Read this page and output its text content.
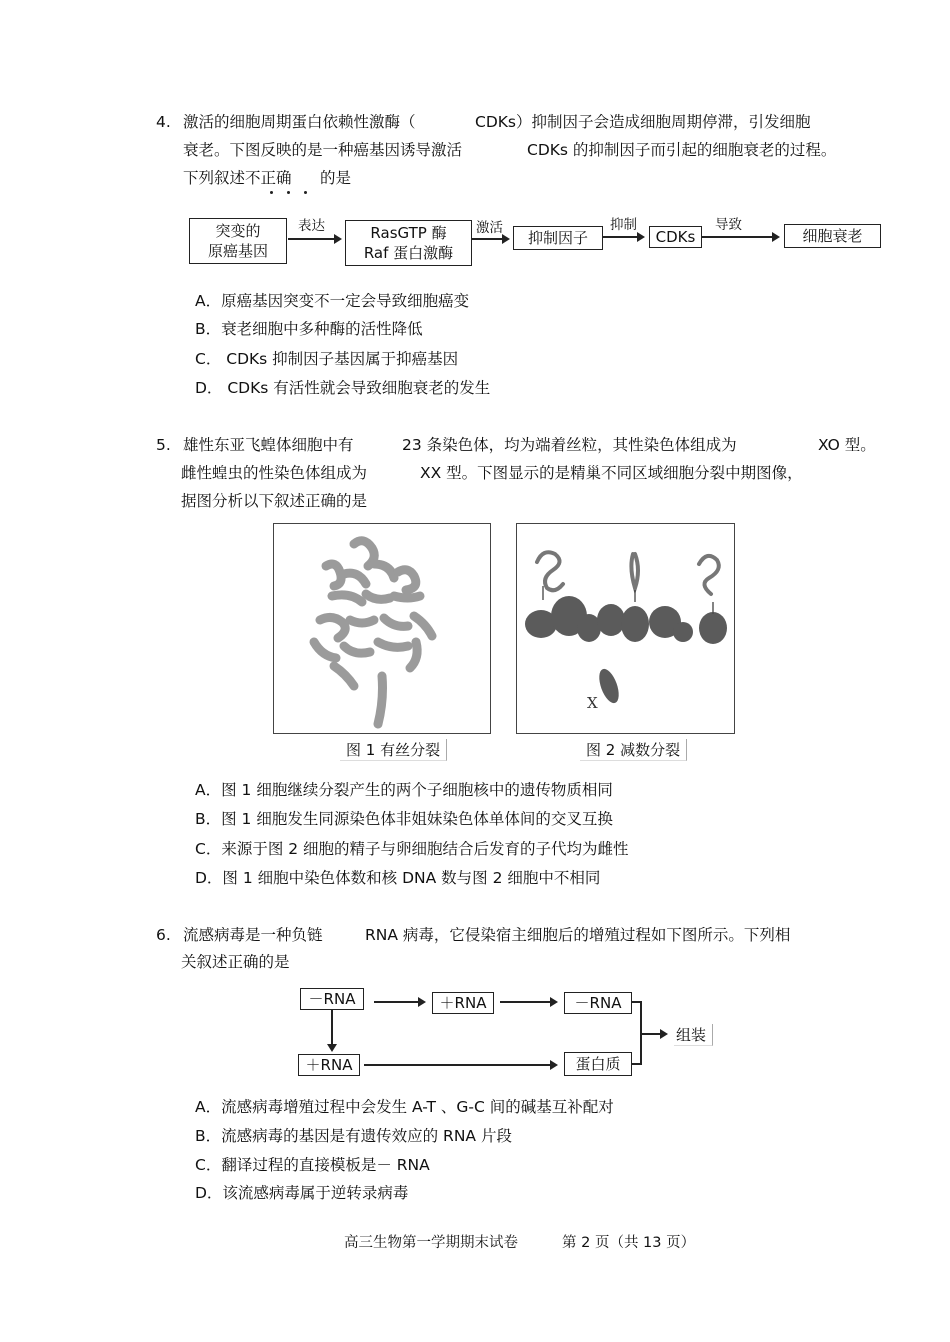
4. 激活的细胞周期蛋白依赖性激酶（	CDKs）抑制因子会造成细胞周期停滞，引发细胞
衰老。下图反映的是一种癌基因诱导激活	CDKs 的抑制因子而引起的细胞衰老的过程。
下列叙述不正确 的是
突变的
原癌基因
表达	RasGTP 酶
Raf 蛋白激酶
激活
抑制因子
抑制
CDKs
导致
细胞衰老
A．原癌基因突变不一定会导致细胞癌变
B．衰老细胞中多种酶的活性降低
C． CDKs 抑制因子基因属于抑癌基因
D． CDKs 有活性就会导致细胞衰老的发生
5. 雄性东亚飞蝗体细胞中有	23 条染色体，均为端着丝粒，其性染色体组成为	XO 型。
雌性蝗虫的性染色体组成为	XX 型。下图显示的是精巢不同区域细胞分裂中期图像，
据图分析以下叙述正确的是
图 1 有丝分裂
X
图 2 减数分裂
A．图 1 细胞继续分裂产生的两个子细胞核中的遗传物质相同
B．图 1 细胞发生同源染色体非姐妹染色体单体间的交叉互换
C．来源于图 2 细胞的精子与卵细胞结合后发育的子代均为雌性
D．图 1 细胞中染色体数和核 DNA 数与图 2 细胞中不相同
6. 流感病毒是一种负链	RNA 病毒，它侵染宿主细胞后的增殖过程如下图所示。下列相
关叙述正确的是
－RNA	＋RNA	－RNA
＋RNA	蛋白质
组装
A．流感病毒增殖过程中会发生 A-T 、G-C 间的碱基互补配对
B．流感病毒的基因是有遗传效应的 RNA 片段
C．翻译过程的直接模板是－ RNA
D．该流感病毒属于逆转录病毒
高三生物第一学期期末试卷	第 2 页（共 13 页）
